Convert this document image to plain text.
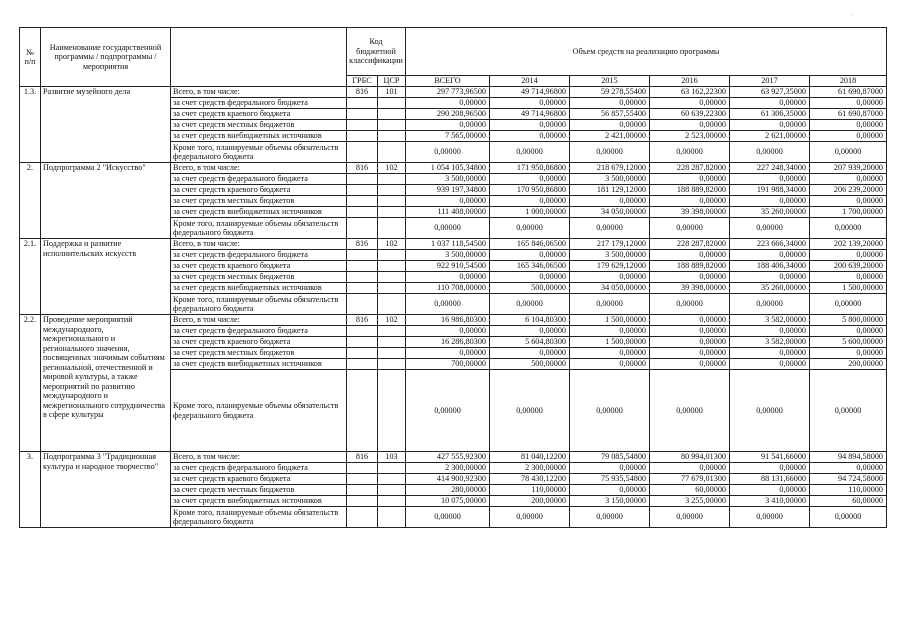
·
№ п/п	Наименование государственной программы / подпрограммы / мероприятия		Код бюджетной классификации		Объем средств на реализацию программы					
			ГРБС	ЦСР	ВСЕГО	2014	2015	2016	2017	2018
1.3.	Развитие музейного дела	Всего, в том числе:	816	101	297 773,96500	49 714,96800	59 278,55400	63 162,22300	63 927,35000	61 690,87000
		за счет средств федерального бюджета			0,00000	0,00000	0,00000	0,00000	0,00000	0,00000
		за счет средств краевого бюджета			290 208,96500	49 714,96800	56 857,55400	60 639,22300	61 306,35000	61 690,87000
		за счет средств местных бюджетов			0,00000	0,00000	0,00000	0,00000	0,00000	0,00000
		за счет средств внебюджетных источников			7 565,00000	0,00000	2 421,00000	2 523,00000	2 621,00000	0,00000
		Кроме того, планируемые объемы обязательств федерального бюджета			0,00000	0,00000	0,00000	0,00000	0,00000	0,00000
2.	Подпрограмма 2 "Искусство"	Всего, в том числе:	816	102	1 054 105,34800	171 950,86800	218 679,12000	228 287,82000	227 248,34000	207 939,20000
		за счет средств федерального бюджета			3 500,00000	0,00000	3 500,00000	0,00000	0,00000	0,00000
		за счет средств краевого бюджета			939 197,34800	170 950,86800	181 129,12000	188 889,82000	191 988,34000	206 239,20000
		за счет средств местных бюджетов			0,00000	0,00000	0,00000	0,00000	0,00000	0,00000
		за счет средств внебюджетных источников			111 408,00000	1 000,00000	34 050,00000	39 398,00000	35 260,00000	1 700,00000
		Кроме того, планируемые объемы обязательств федерального бюджета			0,00000	0,00000	0,00000	0,00000	0,00000	0,00000
2.1.	Поддержка и развитие исполнительских искусств	Всего, в том числе:	816	102	1 037 118,54500	165 846,06500	217 179,12000	228 287,82000	223 666,34000	202 139,20000
		за счет средств федерального бюджета			3 500,00000	0,00000	3 500,00000	0,00000	0,00000	0,00000
		за счет средств краевого бюджета			922 910,54500	165 346,06500	179 629,12000	188 889,82000	188 406,34000	200 639,20000
		за счет средств местных бюджетов			0,00000	0,00000	0,00000	0,00000	0,00000	0,00000
		за счет средств внебюджетных источников			110 708,00000	500,00000	34 050,00000	39 398,00000	35 260,00000	1 500,00000
		Кроме того, планируемые объемы обязательств федерального бюджета			0,00000	0,00000	0,00000	0,00000	0,00000	0,00000
2.2.	Проведение мероприятий международного, межрегионального и регионального значения, посвященных значимым событиям региональной, отечественной и мировой культуры, а также мероприятий по развитию международного и межрегионального сотрудничества в сфере культуры	Всего, в том числе:	816	102	16 986,80300	6 104,80300	1 500,00000	0,00000	3 582,00000	5 800,00000
		за счет средств федерального бюджета			0,00000	0,00000	0,00000	0,00000	0,00000	0,00000
		за счет средств краевого бюджета			16 286,80300	5 604,80300	1 500,00000	0,00000	3 582,00000	5 600,00000
		за счет средств местных бюджетов			0,00000	0,00000	0,00000	0,00000	0,00000	0,00000
		за счет средств внебюджетных источников			700,00000	500,00000	0,00000	0,00000	0,00000	200,00000
		Кроме того, планируемые объемы обязательств федерального бюджета			0,00000	0,00000	0,00000	0,00000	0,00000	0,00000
3.	Подпрограмма 3 "Традиционная культура и народное творчество"	Всего, в том числе:	816	103	427 555,92300	81 040,12200	79 085,54800	80 994,01300	91 541,66000	94 894,58000
		за счет средств федерального бюджета			2 300,00000	2 300,00000	0,00000	0,00000	0,00000	0,00000
		за счет средств краевого бюджета			414 900,92300	78 430,12200	75 935,54800	77 679,01300	88 131,66000	94 724,58000
		за счет средств местных бюджетов			280,00000	110,00000	0,00000	60,00000	0,00000	110,00000
		за счет средств внебюджетных источников			10 075,00000	200,00000	3 150,00000	3 255,00000	3 410,00000	60,00000
		Кроме того, планируемые объемы обязательств федерального бюджета			0,00000	0,00000	0,00000	0,00000	0,00000	0,00000
